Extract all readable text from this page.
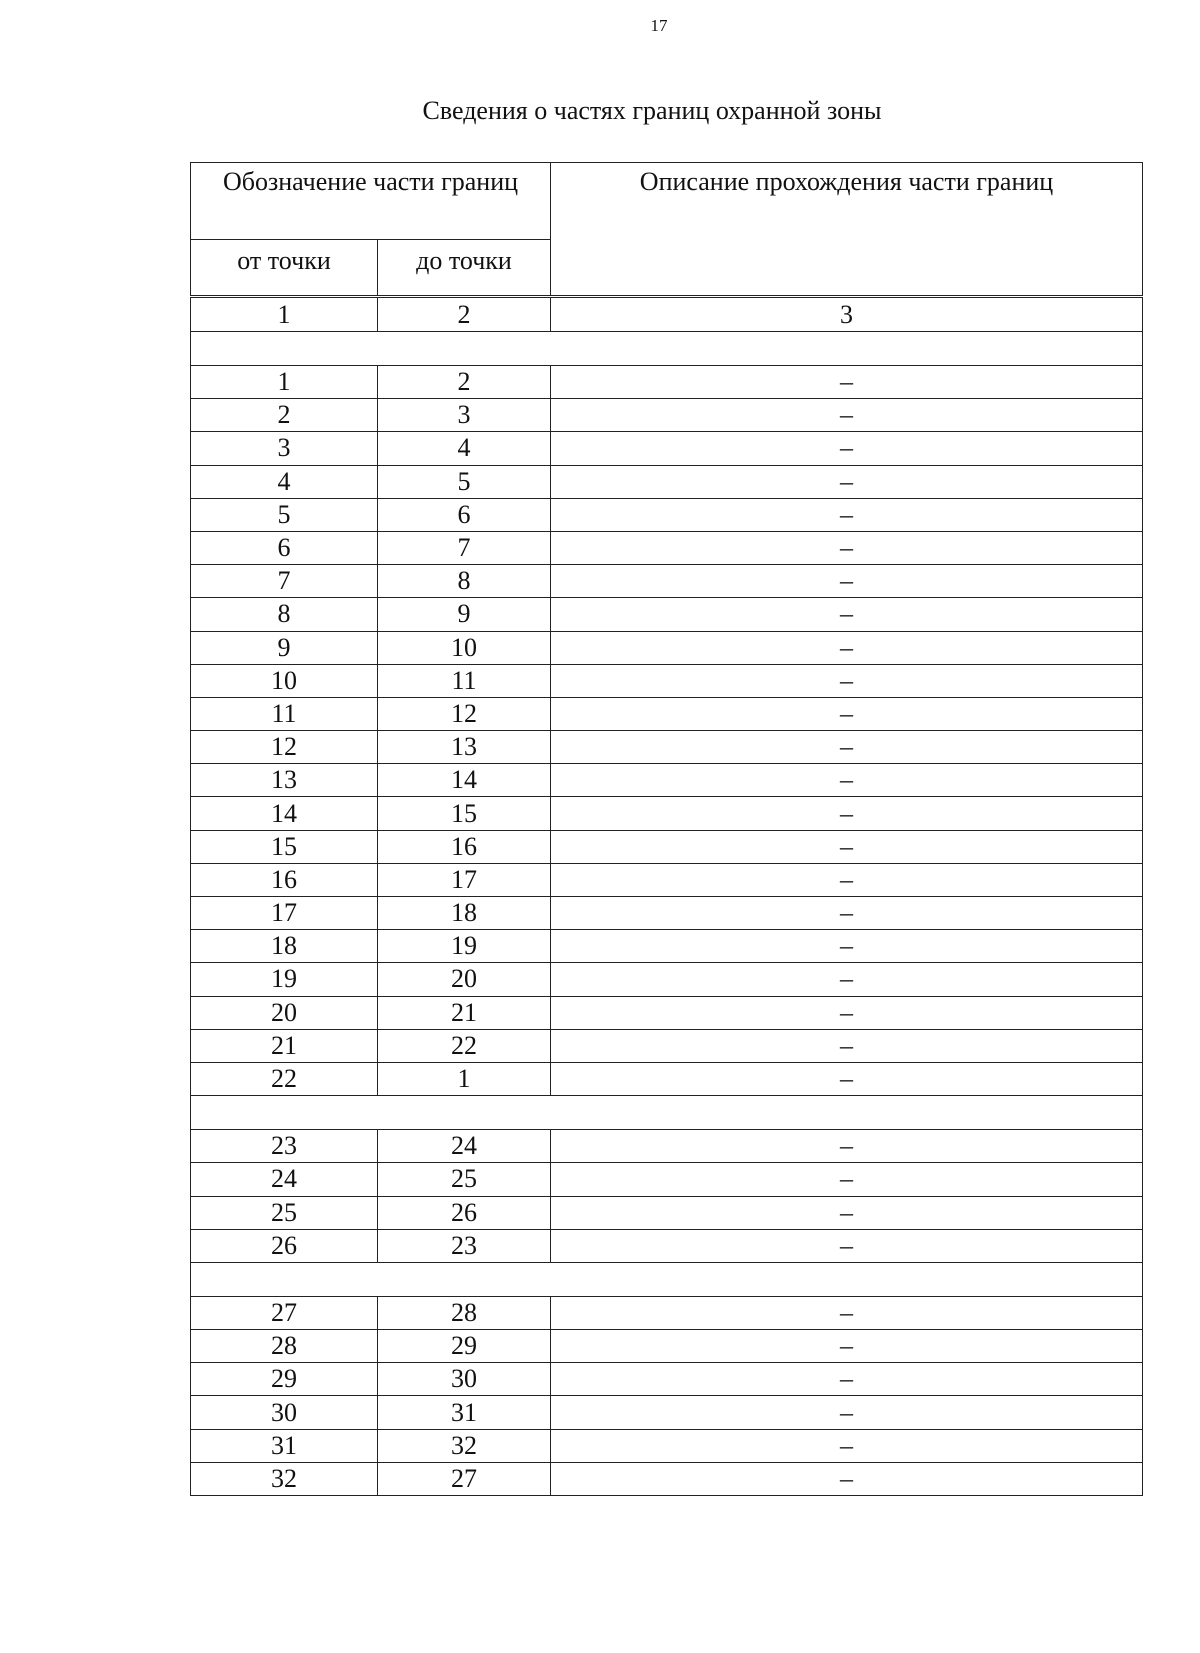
17
Сведения о частях границ охранной зоны
Обозначение части границ		Описание прохождения части границ
от точки	до точки	
1	2	3

1	2	–
2	3	–
3	4	–
4	5	–
5	6	–
6	7	–
7	8	–
8	9	–
9	10	–
10	11	–
11	12	–
12	13	–
13	14	–
14	15	–
15	16	–
16	17	–
17	18	–
18	19	–
19	20	–
20	21	–
21	22	–
22	1	–

23	24	–
24	25	–
25	26	–
26	23	–

27	28	–
28	29	–
29	30	–
30	31	–
31	32	–
32	27	–
